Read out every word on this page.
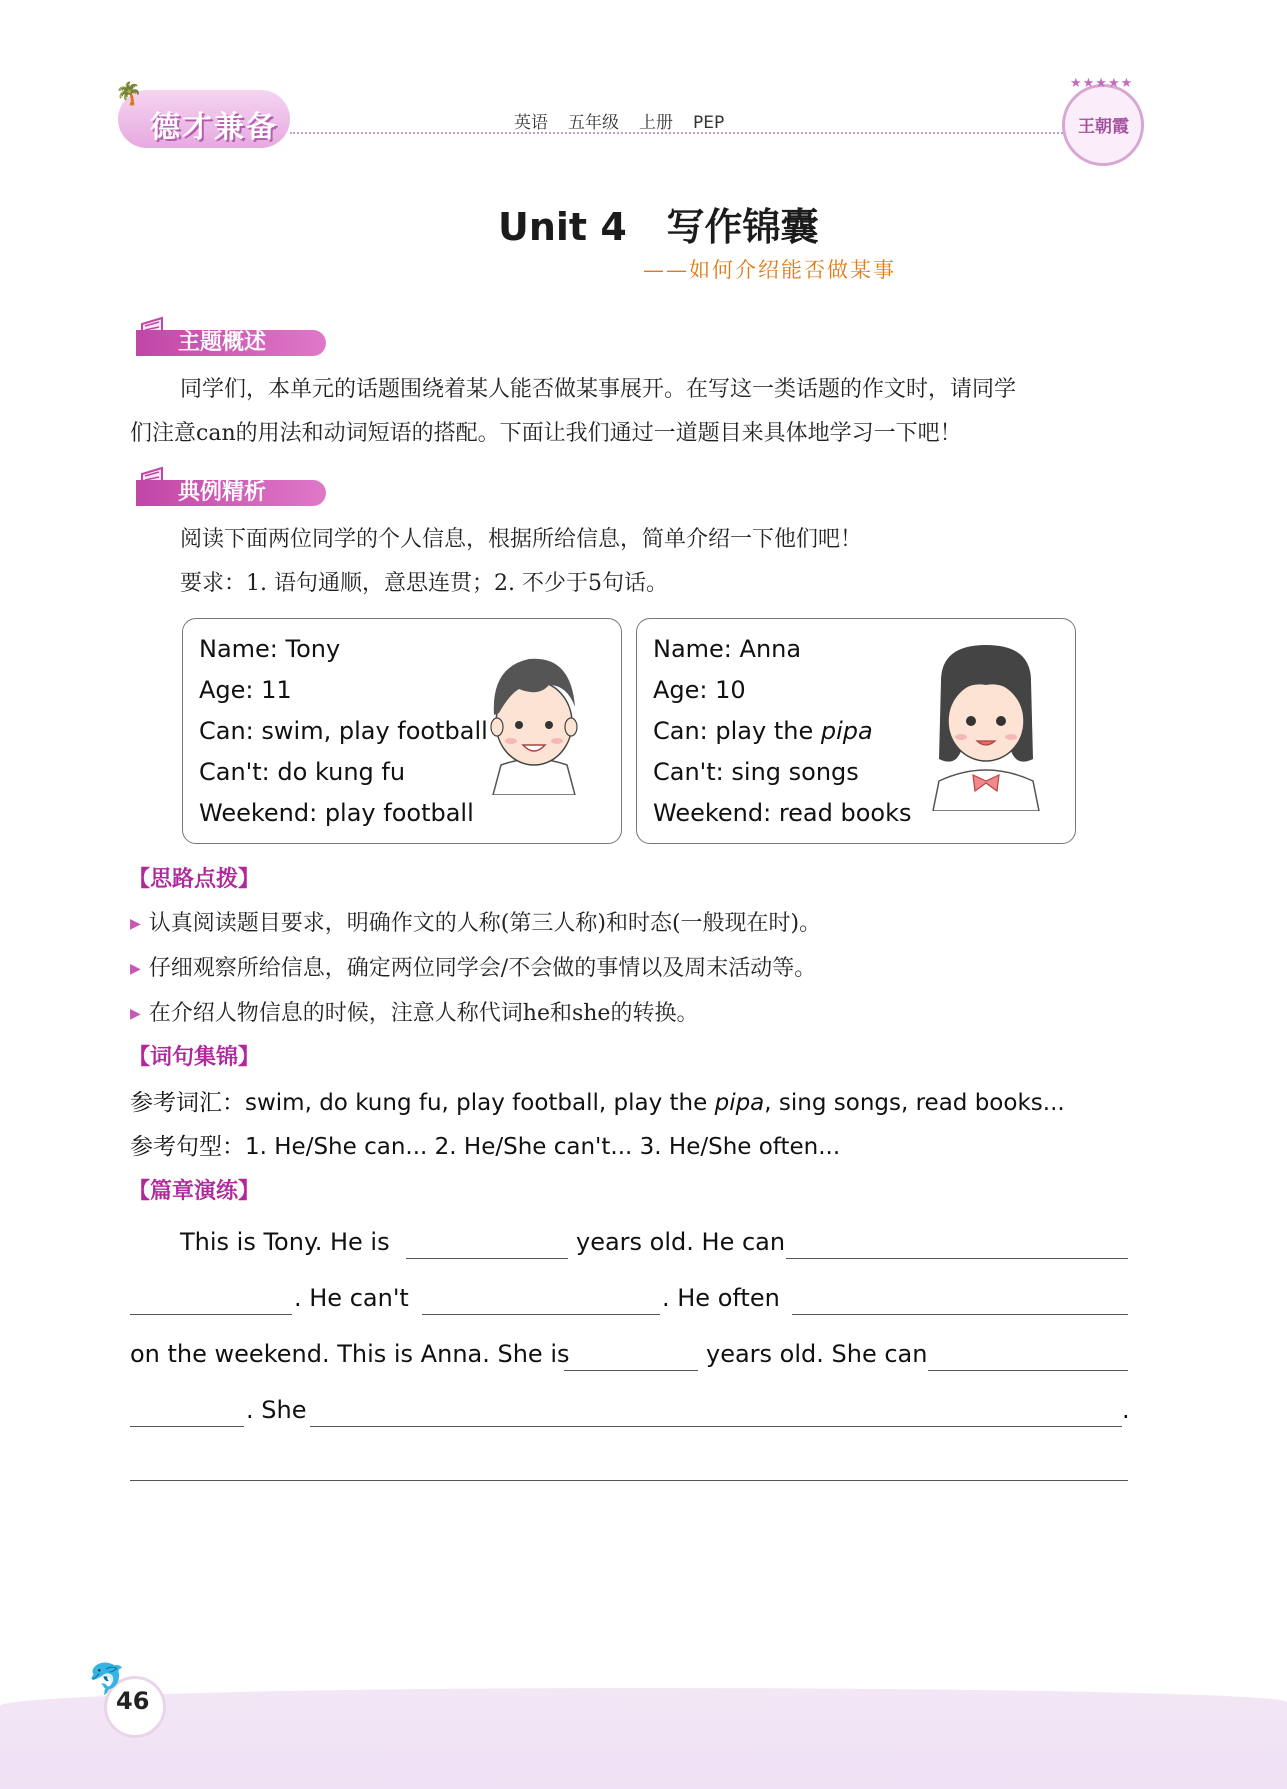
🌴
德才兼备	英语 五年级 上册 PEP
★★★★★
王朝霞
Unit 4   写作锦囊
——如何介绍能否做某事
主题概述
同学们，本单元的话题围绕着某人能否做某事展开。在写这一类话题的作文时，请同学
们注意can的用法和动词短语的搭配。下面让我们通过一道题目来具体地学习一下吧！
典例精析
阅读下面两位同学的个人信息，根据所给信息，简单介绍一下他们吧！
要求：1. 语句通顺，意思连贯；2. 不少于5句话。
Name: Tony
Age: 11
Can: swim, play football
Can't: do kung fu
Weekend: play football
Name: Anna
Age: 10
Can: play the pipa
Can't: sing songs
Weekend: read books
【思路点拨】
▶ 认真阅读题目要求，明确作文的人称(第三人称)和时态(一般现在时)。
▶ 仔细观察所给信息，确定两位同学会/不会做的事情以及周末活动等。
▶ 在介绍人物信息的时候，注意人称代词he和she的转换。
【词句集锦】
参考词汇：swim, do kung fu, play football, play the pipa, sing songs, read books...
参考句型：1. He/She can... 2. He/She can't... 3. He/She often...
【篇章演练】
This is Tony. He is	years old. He can
. He can't	. He often
on the weekend. This is Anna. She is	years old. She can
. She	.
🐬
46
